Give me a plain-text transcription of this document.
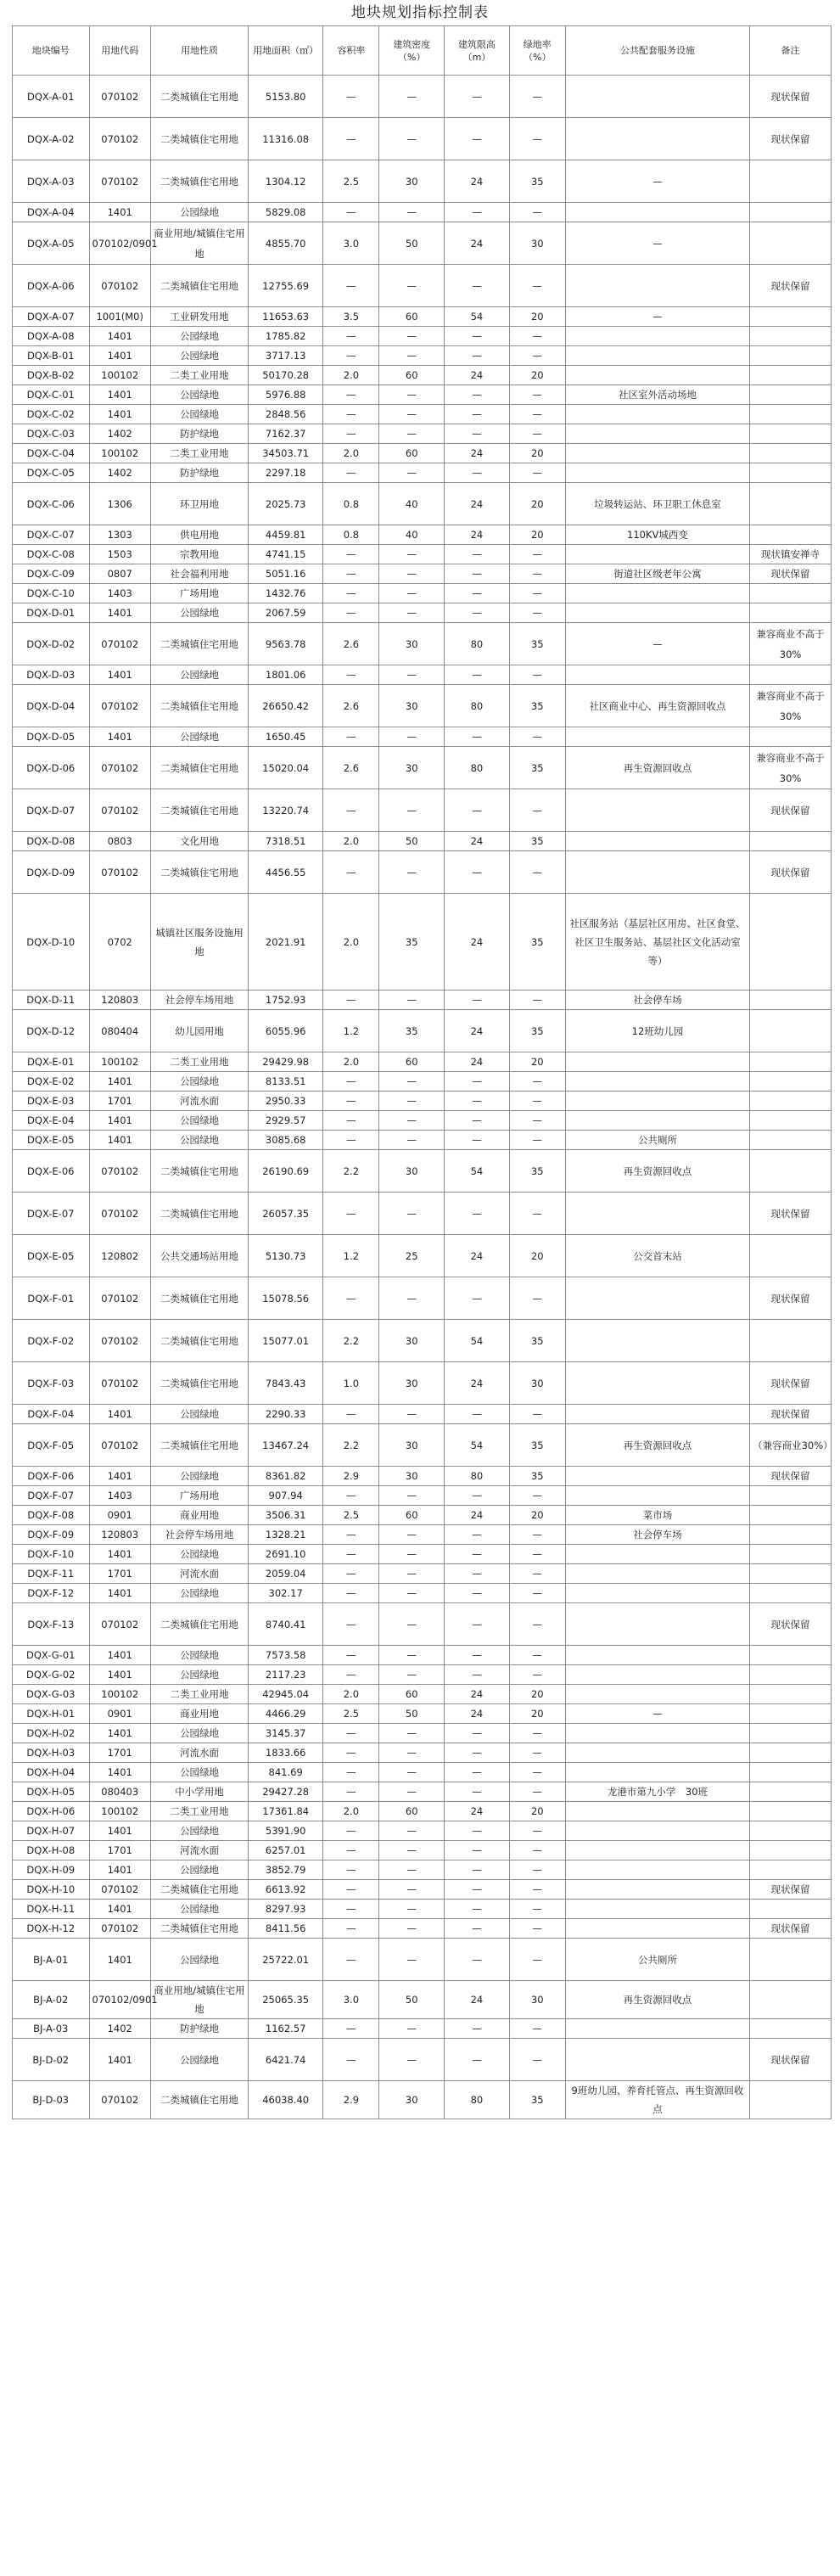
地块规划指标控制表
地块编号	用地代码	用地性质	用地面积（㎡）	容积率	建筑密度（%）	建筑限高（m）	绿地率（%）	公共配套服务设施	备注
DQX-A-01	070102	二类城镇住宅用地	5153.80	—	—	—	—		现状保留
DQX-A-02	070102	二类城镇住宅用地	11316.08	—	—	—	—		现状保留
DQX-A-03	070102	二类城镇住宅用地	1304.12	2.5	30	24	35	—	
DQX-A-04	1401	公园绿地	5829.08	—	—	—	—		
DQX-A-05	070102/0901	商业用地/城镇住宅用地	4855.70	3.0	50	24	30	—	
DQX-A-06	070102	二类城镇住宅用地	12755.69	—	—	—	—		现状保留
DQX-A-07	1001(M0)	工业研发用地	11653.63	3.5	60	54	20	—	
DQX-A-08	1401	公园绿地	1785.82	—	—	—	—		
DQX-B-01	1401	公园绿地	3717.13	—	—	—	—		
DQX-B-02	100102	二类工业用地	50170.28	2.0	60	24	20		
DQX-C-01	1401	公园绿地	5976.88	—	—	—	—	社区室外活动场地	
DQX-C-02	1401	公园绿地	2848.56	—	—	—	—		
DQX-C-03	1402	防护绿地	7162.37	—	—	—	—		
DQX-C-04	100102	二类工业用地	34503.71	2.0	60	24	20		
DQX-C-05	1402	防护绿地	2297.18	—	—	—	—		
DQX-C-06	1306	环卫用地	2025.73	0.8	40	24	20	垃圾转运站、环卫职工休息室	
DQX-C-07	1303	供电用地	4459.81	0.8	40	24	20	110KV城西变	
DQX-C-08	1503	宗教用地	4741.15	—	—	—	—		现状镇安禅寺
DQX-C-09	0807	社会福利用地	5051.16	—	—	—	—	街道社区级老年公寓	现状保留
DQX-C-10	1403	广场用地	1432.76	—	—	—	—		
DQX-D-01	1401	公园绿地	2067.59	—	—	—	—		
DQX-D-02	070102	二类城镇住宅用地	9563.78	2.6	30	80	35	—	兼容商业不高于30%
DQX-D-03	1401	公园绿地	1801.06	—	—	—	—		
DQX-D-04	070102	二类城镇住宅用地	26650.42	2.6	30	80	35	社区商业中心、再生资源回收点	兼容商业不高于30%
DQX-D-05	1401	公园绿地	1650.45	—	—	—	—		
DQX-D-06	070102	二类城镇住宅用地	15020.04	2.6	30	80	35	再生资源回收点	兼容商业不高于30%
DQX-D-07	070102	二类城镇住宅用地	13220.74	—	—	—	—		现状保留
DQX-D-08	0803	文化用地	7318.51	2.0	50	24	35		
DQX-D-09	070102	二类城镇住宅用地	4456.55	—	—	—	—		现状保留
DQX-D-10	0702	城镇社区服务设施用地	2021.91	2.0	35	24	35	社区服务站（基层社区用房、社区食堂、社区卫生服务站、基层社区文化活动室等）	
DQX-D-11	120803	社会停车场用地	1752.93	—	—	—	—	社会停车场	
DQX-D-12	080404	幼儿园用地	6055.96	1.2	35	24	35	12班幼儿园	
DQX-E-01	100102	二类工业用地	29429.98	2.0	60	24	20		
DQX-E-02	1401	公园绿地	8133.51	—	—	—	—		
DQX-E-03	1701	河流水面	2950.33	—	—	—	—		
DQX-E-04	1401	公园绿地	2929.57	—	—	—	—		
DQX-E-05	1401	公园绿地	3085.68	—	—	—	—	公共厕所	
DQX-E-06	070102	二类城镇住宅用地	26190.69	2.2	30	54	35	再生资源回收点	
DQX-E-07	070102	二类城镇住宅用地	26057.35	—	—	—	—		现状保留
DQX-E-05	120802	公共交通场站用地	5130.73	1.2	25	24	20	公交首末站	
DQX-F-01	070102	二类城镇住宅用地	15078.56	—	—	—	—		现状保留
DQX-F-02	070102	二类城镇住宅用地	15077.01	2.2	30	54	35		
DQX-F-03	070102	二类城镇住宅用地	7843.43	1.0	30	24	30		现状保留
DQX-F-04	1401	公园绿地	2290.33	—	—	—	—		现状保留
DQX-F-05	070102	二类城镇住宅用地	13467.24	2.2	30	54	35	再生资源回收点	（兼容商业30%）
DQX-F-06	1401	公园绿地	8361.82	2.9	30	80	35		现状保留
DQX-F-07	1403	广场用地	907.94	—	—	—	—		
DQX-F-08	0901	商业用地	3506.31	2.5	60	24	20	菜市场	
DQX-F-09	120803	社会停车场用地	1328.21	—	—	—	—	社会停车场	
DQX-F-10	1401	公园绿地	2691.10	—	—	—	—		
DQX-F-11	1701	河流水面	2059.04	—	—	—	—		
DQX-F-12	1401	公园绿地	302.17	—	—	—	—		
DQX-F-13	070102	二类城镇住宅用地	8740.41	—	—	—	—		现状保留
DQX-G-01	1401	公园绿地	7573.58	—	—	—	—		
DQX-G-02	1401	公园绿地	2117.23	—	—	—	—		
DQX-G-03	100102	二类工业用地	42945.04	2.0	60	24	20		
DQX-H-01	0901	商业用地	4466.29	2.5	50	24	20	—	
DQX-H-02	1401	公园绿地	3145.37	—	—	—	—		
DQX-H-03	1701	河流水面	1833.66	—	—	—	—		
DQX-H-04	1401	公园绿地	841.69	—	—	—	—		
DQX-H-05	080403	中小学用地	29427.28	—	—	—	—	龙港市第九小学　30班	
DQX-H-06	100102	二类工业用地	17361.84	2.0	60	24	20		
DQX-H-07	1401	公园绿地	5391.90	—	—	—	—		
DQX-H-08	1701	河流水面	6257.01	—	—	—	—		
DQX-H-09	1401	公园绿地	3852.79	—	—	—	—		
DQX-H-10	070102	二类城镇住宅用地	6613.92	—	—	—	—		现状保留
DQX-H-11	1401	公园绿地	8297.93	—	—	—	—		
DQX-H-12	070102	二类城镇住宅用地	8411.56	—	—	—	—		现状保留
BJ-A-01	1401	公园绿地	25722.01	—	—	—	—	公共厕所	
BJ-A-02	070102/0901	商业用地/城镇住宅用地	25065.35	3.0	50	24	30	再生资源回收点	
BJ-A-03	1402	防护绿地	1162.57	—	—	—	—		
BJ-D-02	1401	公园绿地	6421.74	—	—	—	—		现状保留
BJ-D-03	070102	二类城镇住宅用地	46038.40	2.9	30	80	35	9班幼儿园、养育托管点、再生资源回收点	
